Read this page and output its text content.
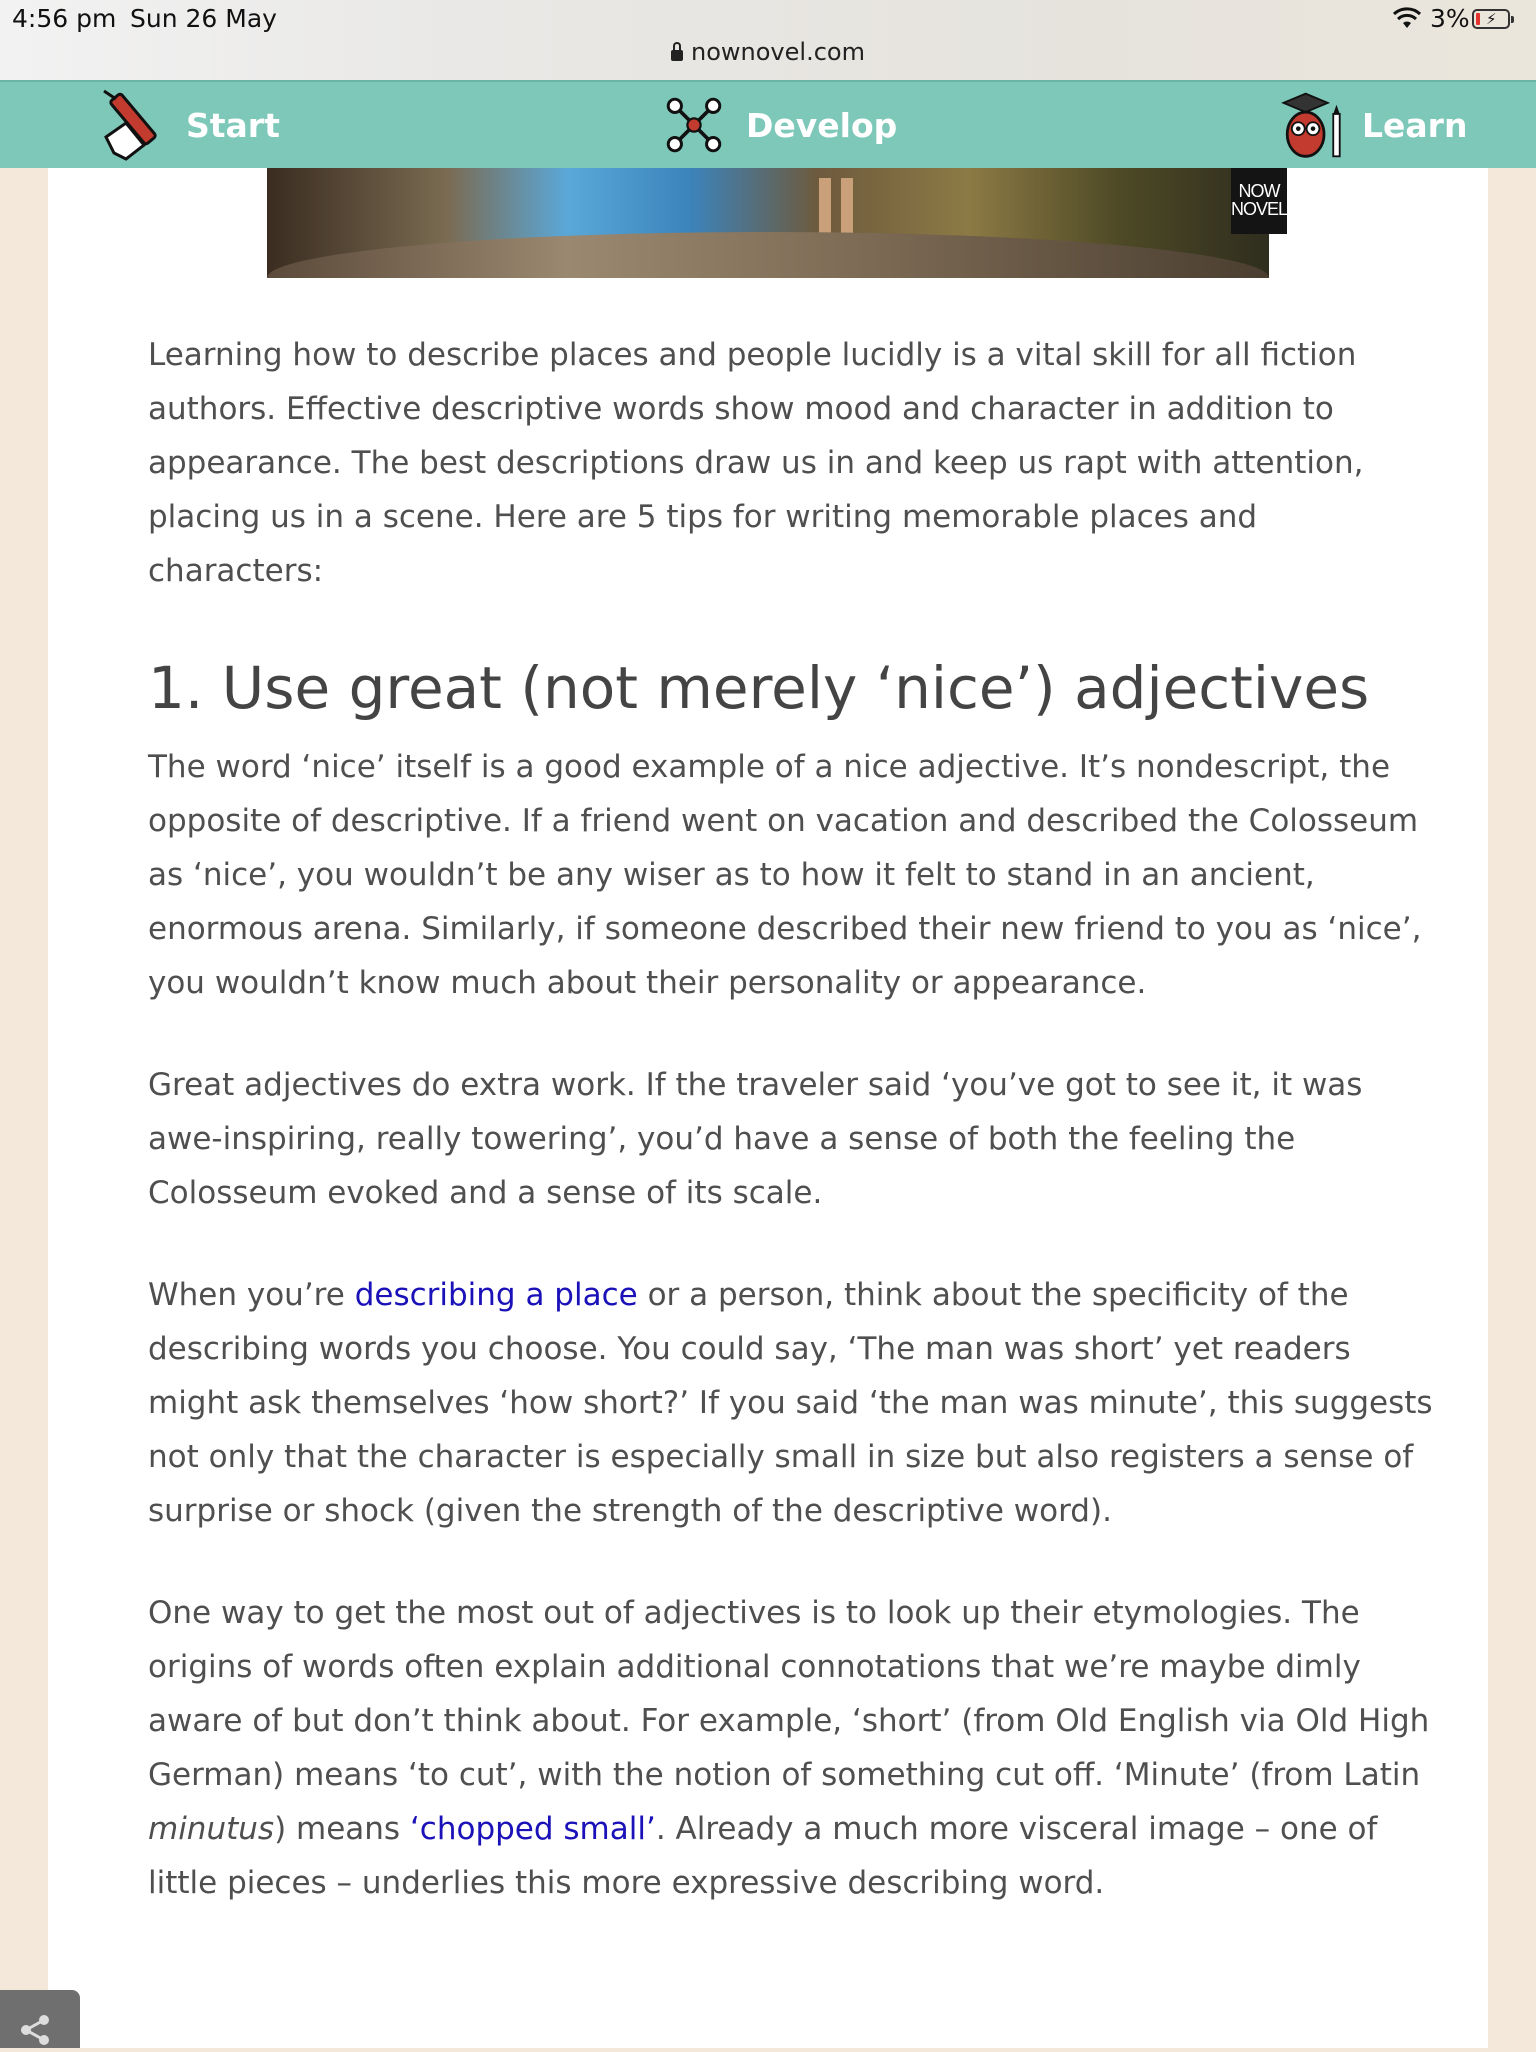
4:56 pm Sun 26 May	3% ⚡
nownovel.com
Start	Develop	Learn
NOW
NOVEL

Learning how to describe places and people lucidly is a vital skill for all fiction authors. Effective descriptive words show mood and character in addition to appearance. The best descriptions draw us in and keep us rapt with attention, placing us in a scene. Here are 5 tips for writing memorable places and characters:

1. Use great (not merely ‘nice’) adjectives

The word ‘nice’ itself is a good example of a nice adjective. It’s nondescript, the opposite of descriptive. If a friend went on vacation and described the Colosseum as ‘nice’, you wouldn’t be any wiser as to how it felt to stand in an ancient, enormous arena. Similarly, if someone described their new friend to you as ‘nice’, you wouldn’t know much about their personality or appearance.

Great adjectives do extra work. If the traveler said ‘you’ve got to see it, it was awe-inspiring, really towering’, you’d have a sense of both the feeling the Colosseum evoked and a sense of its scale.

When you’re describing a place or a person, think about the specificity of the describing words you choose. You could say, ‘The man was short’ yet readers might ask themselves ‘how short?’ If you said ‘the man was minute’, this suggests not only that the character is especially small in size but also registers a sense of surprise or shock (given the strength of the descriptive word).

One way to get the most out of adjectives is to look up their etymologies. The origins of words often explain additional connotations that we’re maybe dimly aware of but don’t think about. For example, ‘short’ (from Old English via Old High German) means ‘to cut’, with the notion of something cut off. ‘Minute’ (from Latin minutus) means ‘chopped small’. Already a much more visceral image – one of little pieces – underlies this more expressive describing word.
